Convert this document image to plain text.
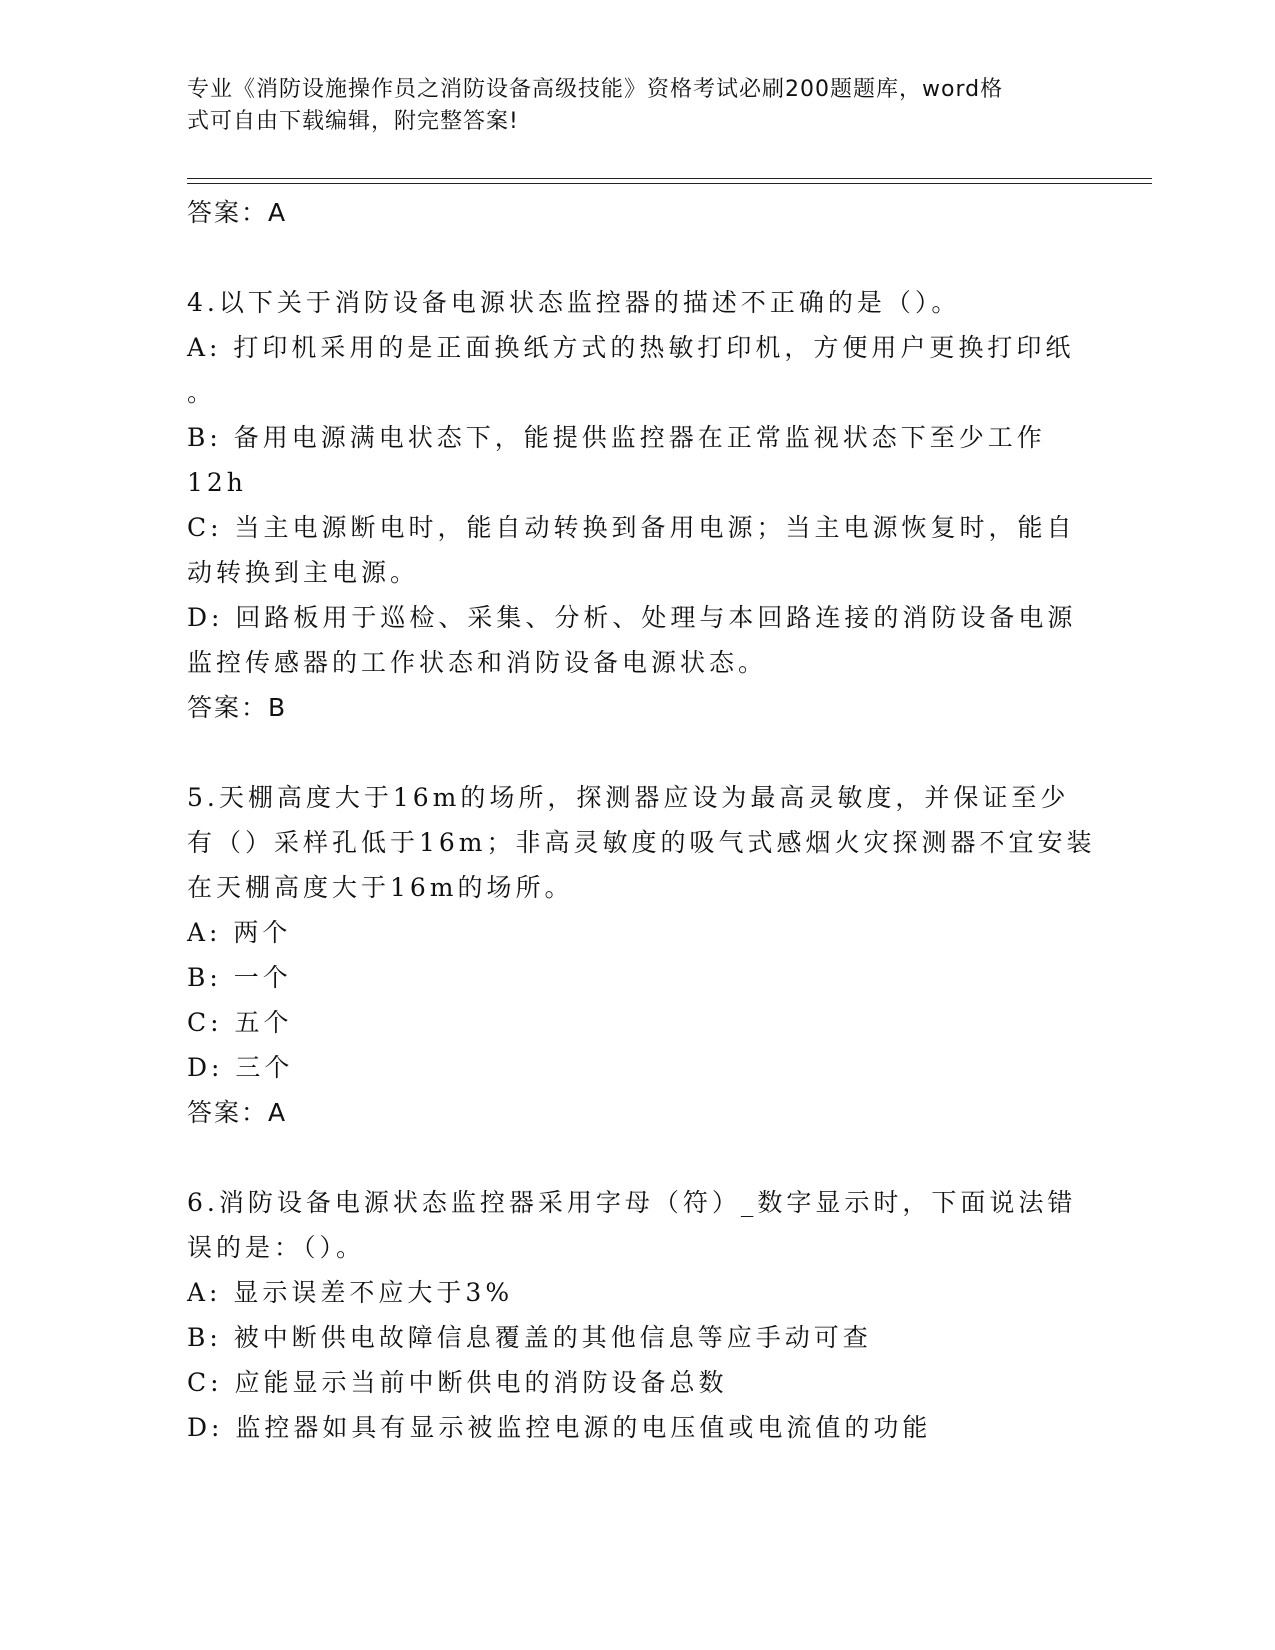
专业《消防设施操作员之消防设备高级技能》资格考试必刷200题题库，word格
式可自由下载编辑，附完整答案!
答案：A
4.以下关于消防设备电源状态监控器的描述不正确的是（）。
A: 打印机采用的是正面换纸方式的热敏打印机，方便用户更换打印纸
。
B: 备用电源满电状态下，能提供监控器在正常监视状态下至少工作
12h
C: 当主电源断电时，能自动转换到备用电源；当主电源恢复时，能自
动转换到主电源。
D: 回路板用于巡检、采集、分析、处理与本回路连接的消防设备电源
监控传感器的工作状态和消防设备电源状态。
答案：B
5.天棚高度大于16m的场所，探测器应设为最高灵敏度，并保证至少
有（）采样孔低于16m；非高灵敏度的吸气式感烟火灾探测器不宜安装
在天棚高度大于16m的场所。
A: 两个
B: 一个
C: 五个
D: 三个
答案：A
6.消防设备电源状态监控器采用字母（符）_数字显示时，下面说法错
误的是：（）。
A: 显示误差不应大于3%
B: 被中断供电故障信息覆盖的其他信息等应手动可查
C: 应能显示当前中断供电的消防设备总数
D: 监控器如具有显示被监控电源的电压值或电流值的功能
